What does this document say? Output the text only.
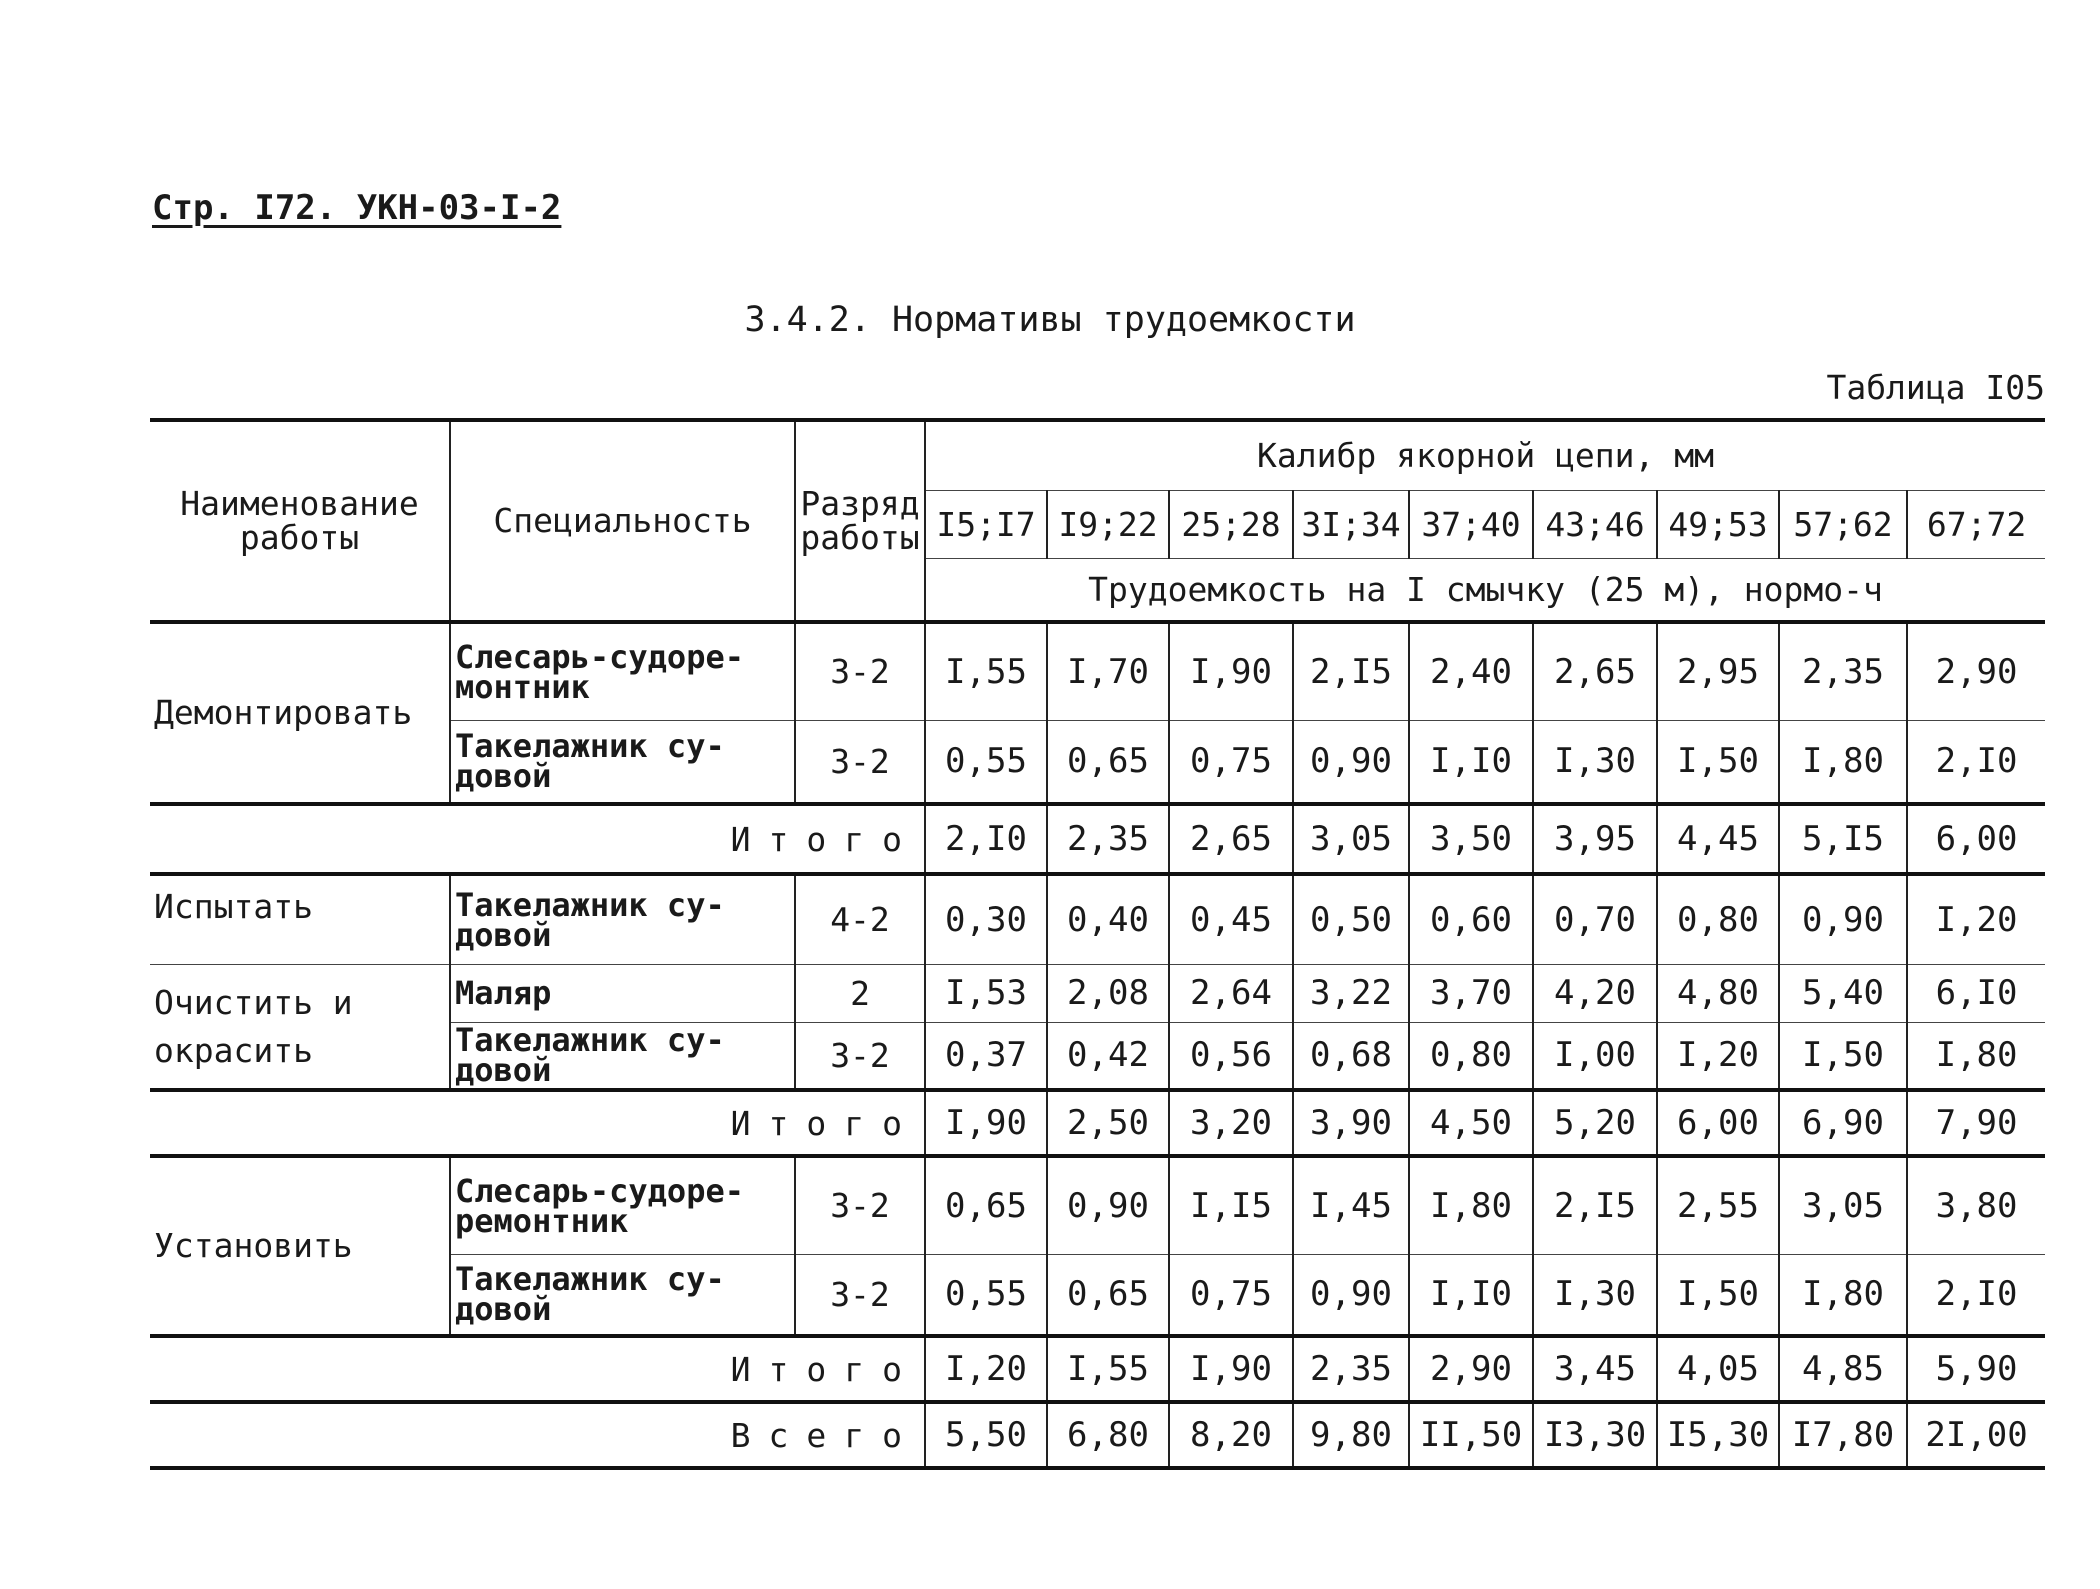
Стр. I72. УКН-03-I-2
3.4.2. Нормативы трудоемкости
Таблица I05
Наименование работы	Специальность	Разряд работы	Калибр якорной цепи, мм								
			I5;I7	I9;22	25;28	3I;34	37;40	43;46	49;53	57;62	67;72
			Трудоемкость на I смычку (25 м), нормо-ч								
Демонтировать	Слесарь-судоре-монтник	3-2	I,55	I,70	I,90	2,I5	2,40	2,65	2,95	2,35	2,90
	Такелажник су-довой	3-2	0,55	0,65	0,75	0,90	I,I0	I,30	I,50	I,80	2,I0
Итого			2,I0	2,35	2,65	3,05	3,50	3,95	4,45	5,I5	6,00
Испытать	Такелажник су-довой	4-2	0,30	0,40	0,45	0,50	0,60	0,70	0,80	0,90	I,20
Очистить и окрасить	Маляр	2	I,53	2,08	2,64	3,22	3,70	4,20	4,80	5,40	6,I0
	Такелажник су-довой	3-2	0,37	0,42	0,56	0,68	0,80	I,00	I,20	I,50	I,80
Итого			I,90	2,50	3,20	3,90	4,50	5,20	6,00	6,90	7,90
Установить	Слесарь-судоре-ремонтник	3-2	0,65	0,90	I,I5	I,45	I,80	2,I5	2,55	3,05	3,80
	Такелажник су-довой	3-2	0,55	0,65	0,75	0,90	I,I0	I,30	I,50	I,80	2,I0
Итого			I,20	I,55	I,90	2,35	2,90	3,45	4,05	4,85	5,90
Всего			5,50	6,80	8,20	9,80	II,50	I3,30	I5,30	I7,80	2I,00
